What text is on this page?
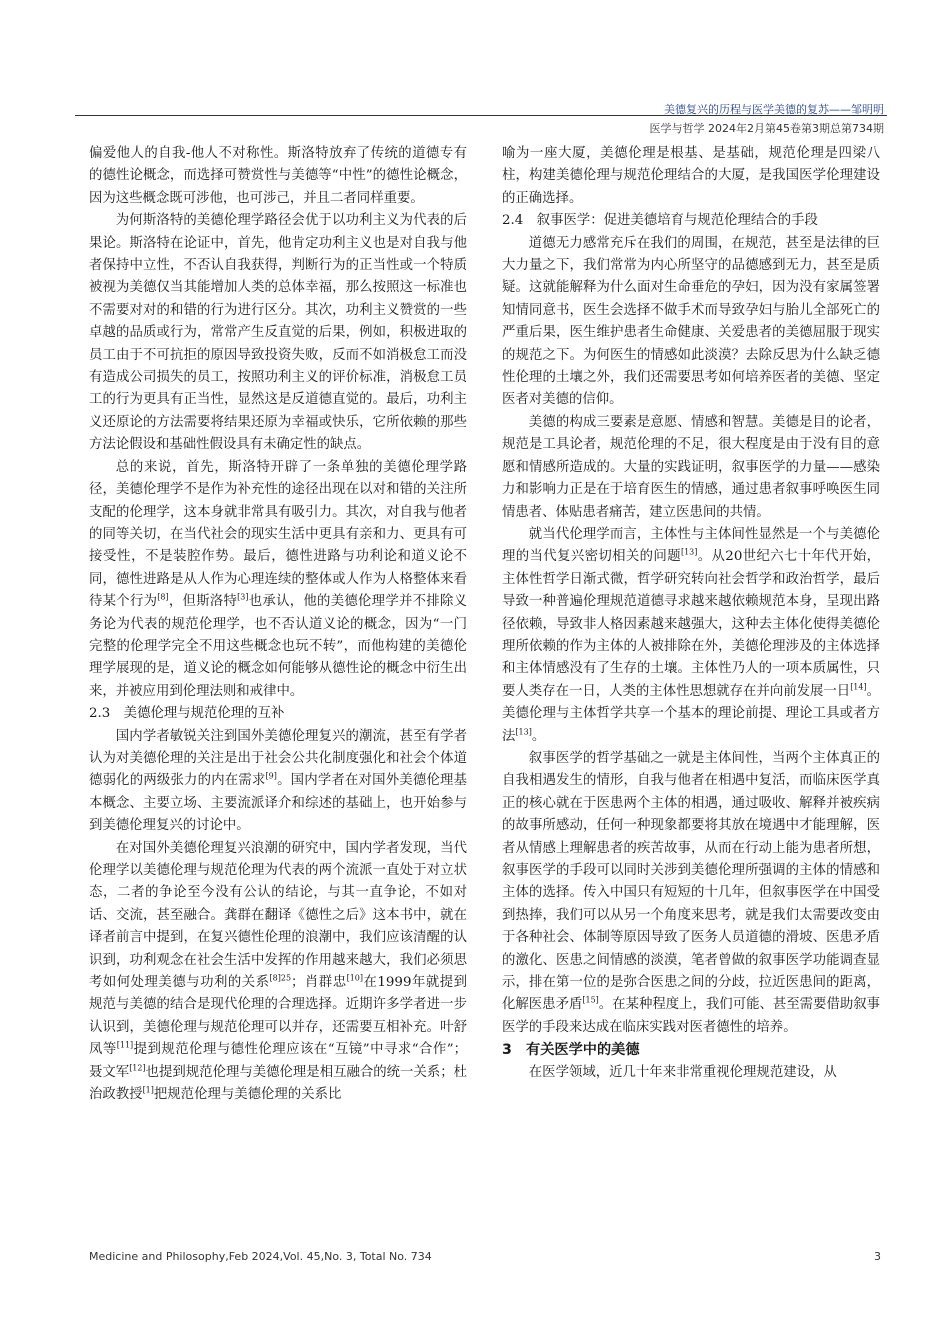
美德复兴的历程与医学美德的复苏——邹明明
医学与哲学 2024年2月第45卷第3期总第734期

偏爱他人的自我-他人不对称性。斯洛特放弃了传统的道德专有的德性论概念，而选择可赞赏性与美德等“中性”的德性论概念，因为这些概念既可涉他，也可涉己，并且二者同样重要。

为何斯洛特的美德伦理学路径会优于以功利主义为代表的后果论。斯洛特在论证中，首先，他肯定功利主义也是对自我与他者保持中立性，不否认自我获得，判断行为的正当性或一个特质被视为美德仅当其能增加人类的总体幸福，那么按照这一标准也不需要对对的和错的行为进行区分。其次，功利主义赞赏的一些卓越的品质或行为，常常产生反直觉的后果，例如，积极进取的员工由于不可抗拒的原因导致投资失败，反而不如消极怠工而没有造成公司损失的员工，按照功利主义的评价标准，消极怠工员工的行为更具有正当性，显然这是反道德直觉的。最后，功利主义还原论的方法需要将结果还原为幸福或快乐，它所依赖的那些方法论假设和基础性假设具有未确定性的缺点。

总的来说，首先，斯洛特开辟了一条单独的美德伦理学路径，美德伦理学不是作为补充性的途径出现在以对和错的关注所支配的伦理学，这本身就非常具有吸引力。其次，对自我与他者的同等关切，在当代社会的现实生活中更具有亲和力、更具有可接受性，不是装腔作势。最后，德性进路与功利论和道义论不同，德性进路是从人作为心理连续的整体或人作为人格整体来看待某个行为[8]，但斯洛特[3]也承认，他的美德伦理学并不排除义务论为代表的规范伦理学，也不否认道义论的概念，因为“一门完整的伦理学完全不用这些概念也玩不转”，而他构建的美德伦理学展现的是，道义论的概念如何能够从德性论的概念中衍生出来，并被应用到伦理法则和戒律中。

2.3　美德伦理与规范伦理的互补

国内学者敏锐关注到国外美德伦理复兴的潮流，甚至有学者认为对美德伦理的关注是出于社会公共化制度强化和社会个体道德弱化的两级张力的内在需求[9]。国内学者在对国外美德伦理基本概念、主要立场、主要流派译介和综述的基础上，也开始参与到美德伦理复兴的讨论中。

在对国外美德伦理复兴浪潮的研究中，国内学者发现，当代伦理学以美德伦理与规范伦理为代表的两个流派一直处于对立状态，二者的争论至今没有公认的结论，与其一直争论，不如对话、交流，甚至融合。龚群在翻译《德性之后》这本书中，就在译者前言中提到，在复兴德性伦理的浪潮中，我们应该清醒的认识到，功利观念在社会生活中发挥的作用越来越大，我们必须思考如何处理美德与功利的关系$^{[8]25}$；肖群忠[10]在1999年就提到规范与美德的结合是现代伦理的合理选择。近期许多学者进一步认识到，美德伦理与规范伦理可以并存，还需要互相补充。叶舒凤等[11]提到规范伦理与德性伦理应该在“互镜”中寻求“合作”；聂文军[12]也提到规范伦理与美德伦理是相互融合的统一关系；杜治政教授[1]把规范伦理与美德伦理的关系比

喻为一座大厦，美德伦理是根基、是基础，规范伦理是四梁八柱，构建美德伦理与规范伦理结合的大厦，是我国医学伦理建设的正确选择。

2.4　叙事医学：促进美德培育与规范伦理结合的手段

道德无力感常充斥在我们的周围，在规范，甚至是法律的巨大力量之下，我们常常为内心所坚守的品德感到无力，甚至是质疑。这就能解释为什么面对生命垂危的孕妇，因为没有家属签署知情同意书，医生会选择不做手术而导致孕妇与胎儿全部死亡的严重后果，医生维护患者生命健康、关爱患者的美德屈服于现实的规范之下。为何医生的情感如此淡漠？去除反思为什么缺乏德性伦理的土壤之外，我们还需要思考如何培养医者的美德、坚定医者对美德的信仰。

美德的构成三要素是意愿、情感和智慧。美德是目的论者，规范是工具论者，规范伦理的不足，很大程度是由于没有目的意愿和情感所造成的。大量的实践证明，叙事医学的力量——感染力和影响力正是在于培育医生的情感，通过患者叙事呼唤医生同情患者、体贴患者痛苦，建立医患间的共情。

就当代伦理学而言，主体性与主体间性显然是一个与美德伦理的当代复兴密切相关的问题[13]。从20世纪六七十年代开始，主体性哲学日渐式微，哲学研究转向社会哲学和政治哲学，最后导致一种普遍伦理规范道德寻求越来越依赖规范本身，呈现出路径依赖，导致非人格因素越来越强大，这种去主体化使得美德伦理所依赖的作为主体的人被排除在外，美德伦理涉及的主体选择和主体情感没有了生存的土壤。主体性乃人的一项本质属性，只要人类存在一日，人类的主体性思想就存在并向前发展一日[14]。美德伦理与主体哲学共享一个基本的理论前提、理论工具或者方法[13]。

叙事医学的哲学基础之一就是主体间性，当两个主体真正的自我相遇发生的情形，自我与他者在相遇中复活，而临床医学真正的核心就在于医患两个主体的相遇，通过吸收、解释并被疾病的故事所感动，任何一种现象都要将其放在境遇中才能理解，医者从情感上理解患者的疾苦故事，从而在行动上能为患者所想，叙事医学的手段可以同时关涉到美德伦理所强调的主体的情感和主体的选择。传入中国只有短短的十几年，但叙事医学在中国受到热捧，我们可以从另一个角度来思考，就是我们太需要改变由于各种社会、体制等原因导致了医务人员道德的滑坡、医患矛盾的激化、医患之间情感的淡漠，笔者曾做的叙事医学功能调查显示，排在第一位的是弥合医患之间的分歧，拉近医患间的距离，化解医患矛盾[15]。在某种程度上，我们可能、甚至需要借助叙事医学的手段来达成在临床实践对医者德性的培养。

3　有关医学中的美德

在医学领域，近几十年来非常重视伦理规范建设，从

Medicine and Philosophy,Feb 2024,Vol. 45,No. 3, Total No. 734	3
